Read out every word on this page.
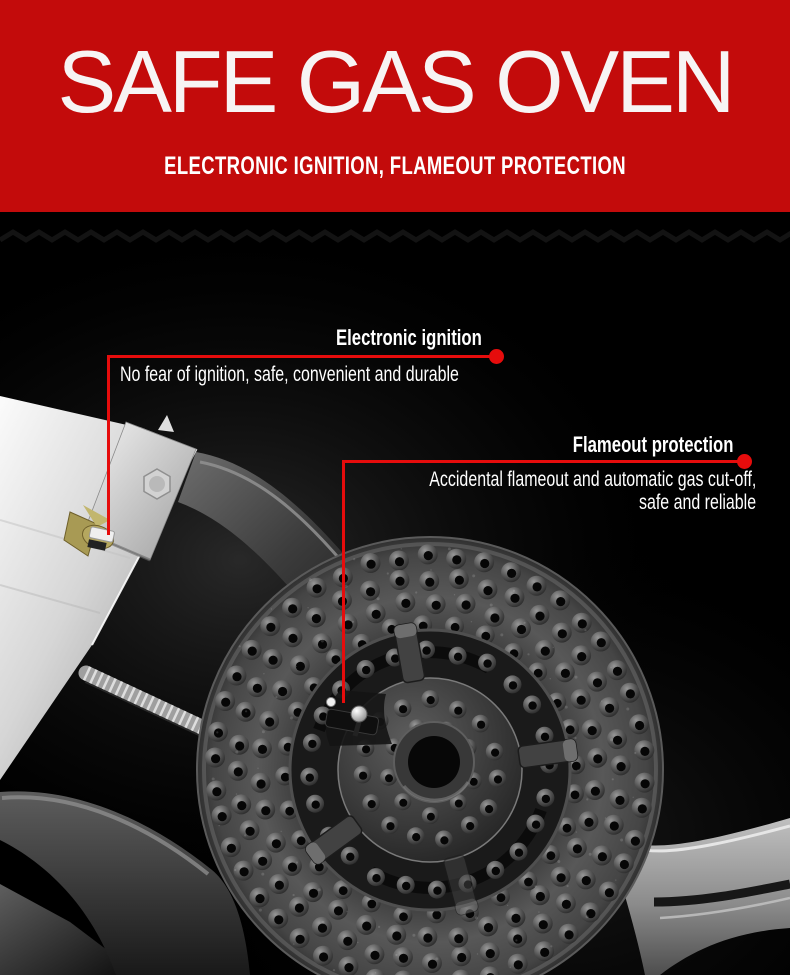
SAFE GAS OVEN
ELECTRONIC IGNITION, FLAMEOUT PROTECTION
Electronic ignition
No fear of ignition, safe, convenient and durable
Flameout protection
Accidental flameout and automatic gas cut-off,
safe and reliable
